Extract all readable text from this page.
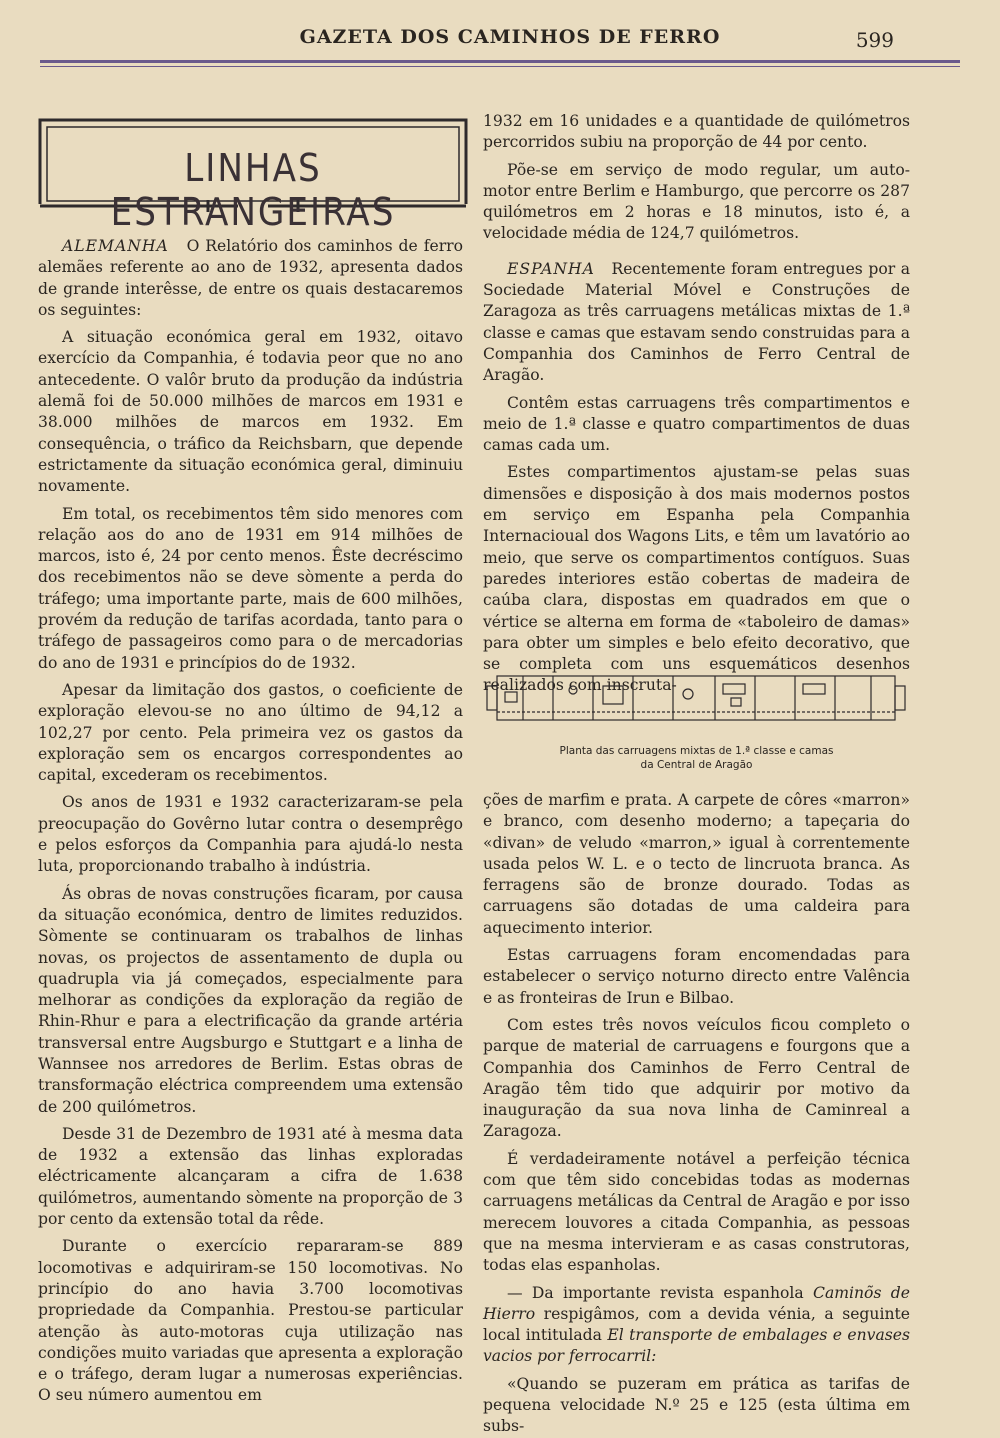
GAZETA DOS CAMINHOS DE FERRO	599
LINHAS ESTRANGEIRAS

ALEMANHA O Relatório dos caminhos de ferro alemães referente ao ano de 1932, apresenta dados de grande interêsse, de entre os quais destacaremos os seguintes:

A situação económica geral em 1932, oitavo exercício da Companhia, é todavia peor que no ano antecedente. O valôr bruto da produção da indústria alemã foi de 50.000 milhões de marcos em 1931 e 38.000 milhões de marcos em 1932. Em consequência, o tráfico da Reichsbarn, que depende estrictamente da situação económica geral, diminuiu novamente.

Em total, os recebimentos têm sido menores com relação aos do ano de 1931 em 914 milhões de marcos, isto é, 24 por cento menos. Êste decréscimo dos recebimentos não se deve sòmente a perda do tráfego; uma importante parte, mais de 600 milhões, provém da redução de tarifas acordada, tanto para o tráfego de passageiros como para o de mercadorias do ano de 1931 e princípios do de 1932.

Apesar da limitação dos gastos, o coeficiente de exploração elevou-se no ano último de 94,12 a 102,27 por cento. Pela primeira vez os gastos da exploração sem os encargos correspondentes ao capital, excederam os recebimentos.

Os anos de 1931 e 1932 caracterizaram-se pela preocupação do Govêrno lutar contra o desemprêgo e pelos esforços da Companhia para ajudá-lo nesta luta, proporcionando trabalho à indústria.

Ás obras de novas construções ficaram, por causa da situação económica, dentro de limites reduzidos. Sòmente se continuaram os trabalhos de linhas novas, os projectos de assentamento de dupla ou quadrupla via já começados, especialmente para melhorar as condições da exploração da região de Rhin-Rhur e para a electrificação da grande artéria transversal entre Augsburgo e Stuttgart e a linha de Wannsee nos arredores de Berlim. Estas obras de transformação eléctrica compreendem uma extensão de 200 quilómetros.

Desde 31 de Dezembro de 1931 até à mesma data de 1932 a extensão das linhas exploradas eléctricamente alcançaram a cifra de 1.638 quilómetros, aumentando sòmente na proporção de 3 por cento da extensão total da rêde.

Durante o exercício repararam-se 889 locomotivas e adquiriram-se 150 locomotivas. No princípio do ano havia 3.700 locomotivas propriedade da Companhia. Prestou-se particular atenção às auto-motoras cuja utilização nas condições muito variadas que apresenta a exploração e o tráfego, deram lugar a numerosas experiências. O seu número aumentou em

1932 em 16 unidades e a quantidade de quilómetros percorridos subiu na proporção de 44 por cento.

Põe-se em serviço de modo regular, um auto-motor entre Berlim e Hamburgo, que percorre os 287 quilómetros em 2 horas e 18 minutos, isto é, a velocidade média de 124,7 quilómetros.

ESPANHA Recentemente foram entregues por a Sociedade Material Móvel e Construções de Zaragoza as três carruagens metálicas mixtas de 1.ª classe e camas que estavam sendo construidas para a Companhia dos Caminhos de Ferro Central de Aragão.

Contêm estas carruagens três compartimentos e meio de 1.ª classe e quatro compartimentos de duas camas cada um.

Estes compartimentos ajustam-se pelas suas dimensões e disposição à dos mais modernos postos em serviço em Espanha pela Companhia Internacioual dos Wagons Lits, e têm um lavatório ao meio, que serve os compartimentos contíguos. Suas paredes interiores estão cobertas de madeira de caúba clara, dispostas em quadrados em que o vértice se alterna em forma de «taboleiro de damas» para obter um simples e belo efeito decorativo, que se completa com uns esquemáticos desenhos realizados com inscruta-

Planta das carruagens mixtas de 1.ª classe e camas
da Central de Aragão

ções de marfim e prata. A carpete de côres «marron» e branco, com desenho moderno; a tapeçaria do «divan» de veludo «marron,» igual à correntemente usada pelos W. L. e o tecto de lincruota branca. As ferragens são de bronze dourado. Todas as carruagens são dotadas de uma caldeira para aquecimento interior.

Estas carruagens foram encomendadas para estabelecer o serviço noturno directo entre Valência e as fronteiras de Irun e Bilbao.

Com estes três novos veículos ficou completo o parque de material de carruagens e fourgons que a Companhia dos Caminhos de Ferro Central de Aragão têm tido que adquirir por motivo da inauguração da sua nova linha de Caminreal a Zaragoza.

É verdadeiramente notável a perfeição técnica com que têm sido concebidas todas as modernas carruagens metálicas da Central de Aragão e por isso merecem louvores a citada Companhia, as pessoas que na mesma intervieram e as casas construtoras, todas elas espanholas.

— Da importante revista espanhola Caminõs de Hierro respigâmos, com a devida vénia, a seguinte local intitulada El transporte de embalages e envases vacios por ferrocarril:

«Quando se puzeram em prática as tarifas de pequena velocidade N.º 25 e 125 (esta última em subs-
